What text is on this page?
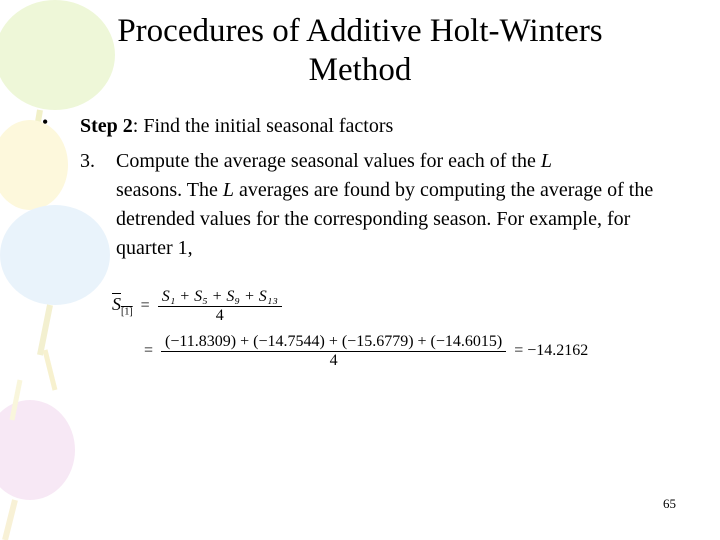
Procedures of Additive Holt-Winters
Method
• Step 2: Find the initial seasonal factors
3. Compute the average seasonal values for each of the L
seasons. The L averages are found by computing the average of the detrended values for the corresponding season. For example, for quarter 1,
$S_{[1]} = \frac{\text{S₁ + S₅ + S₉ + S₁₃}}{4}$
= $\frac{(-11.8309) + (-14.7544) + (-15.6779) + (-14.6015)}{4} = -14.2162$
65
